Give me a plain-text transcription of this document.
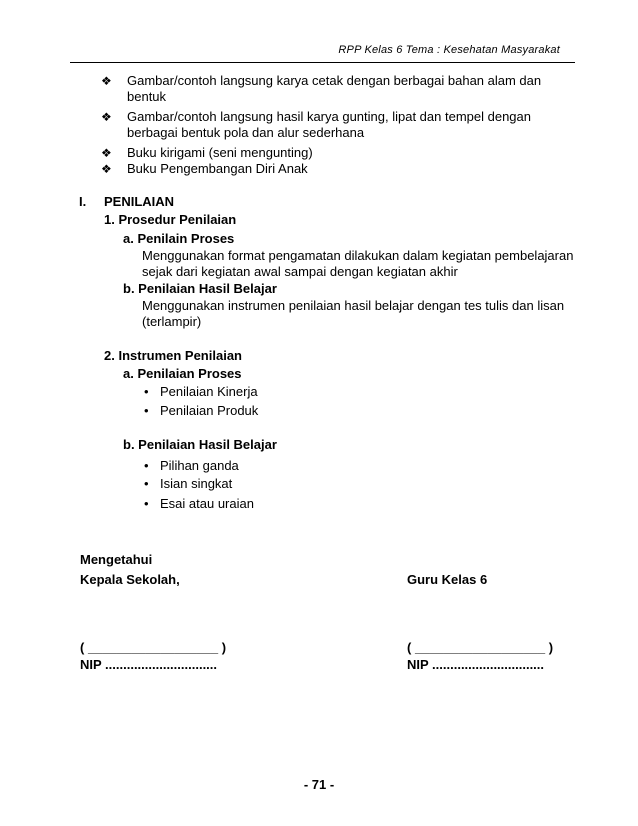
RPP Kelas 6 Tema : Kesehatan Masyarakat
❖ Gambar/contoh langsung karya cetak dengan berbagai bahan alam dan
bentuk
❖ Gambar/contoh langsung hasil karya gunting, lipat dan tempel dengan
berbagai bentuk pola dan alur sederhana
❖ Buku kirigami (seni mengunting)
❖ Buku Pengembangan Diri Anak
I. PENILAIAN
1. Prosedur Penilaian
a. Penilain Proses
Menggunakan format pengamatan dilakukan dalam kegiatan pembelajaran
sejak dari kegiatan awal sampai dengan kegiatan akhir
b. Penilaian Hasil Belajar
Menggunakan instrumen penilaian hasil belajar dengan tes tulis dan lisan
(terlampir)
2. Instrumen Penilaian
a. Penilaian Proses
• Penilaian Kinerja
• Penilaian Produk
b. Penilaian Hasil Belajar
• Pilihan ganda
• Isian singkat
• Esai atau uraian
Mengetahui
Kepala Sekolah,	Guru Kelas 6
( __________________ )	( __________________ )
NIP ...............................	NIP ...............................
- 71 -
